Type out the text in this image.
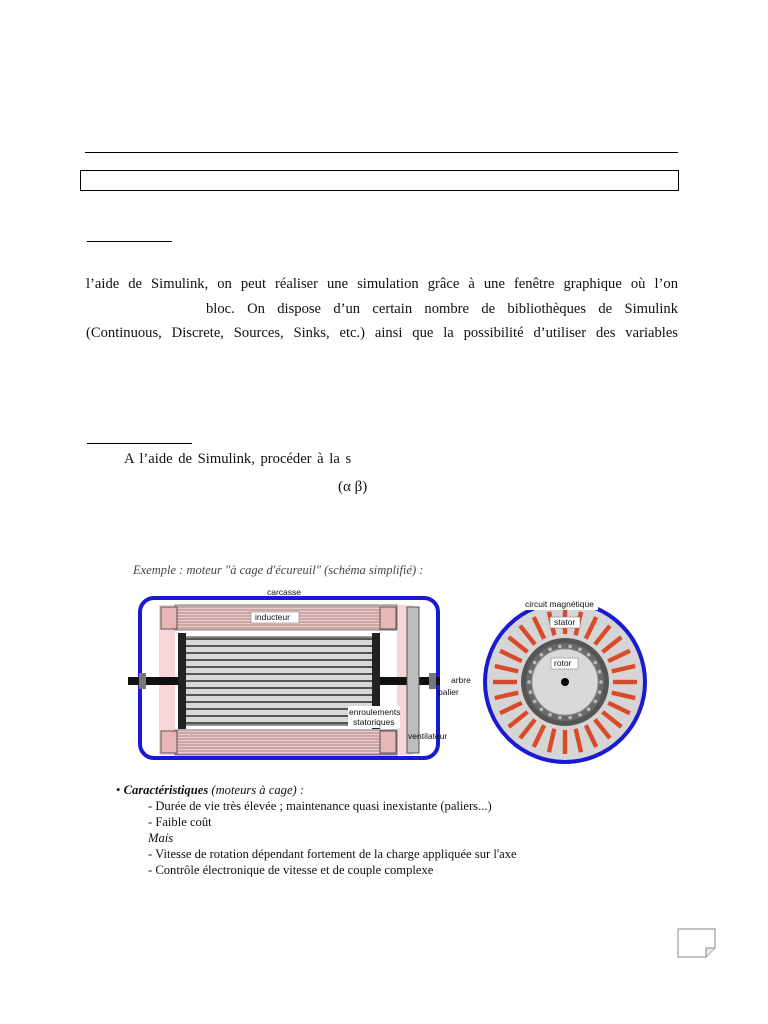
l’aide de Simulink, on peut réaliser une simulation grâce à une fenêtre graphique où l’on
bloc. On dispose d’un certain nombre de bibliothèques de Simulink
(Continuous, Discrete, Sources, Sinks, etc.) ainsi que la possibilité d’utiliser des variables
A l’aide de Simulink, procéder à la s
(α β)
Exemple : moteur "à cage d'écureuil" (schéma simplifié) :
carcasse
inducteur
arbre
palier
enroulements
statoriques
ventilateur
circuit magnétique
stator
rotor
• Caractéristiques (moteurs à cage) :
- Durée de vie très élevée ; maintenance quasi inexistante (paliers...)
- Faible coût
Mais
- Vitesse de rotation dépendant fortement de la charge appliquée sur l'axe
- Contrôle électronique de vitesse et de couple complexe
